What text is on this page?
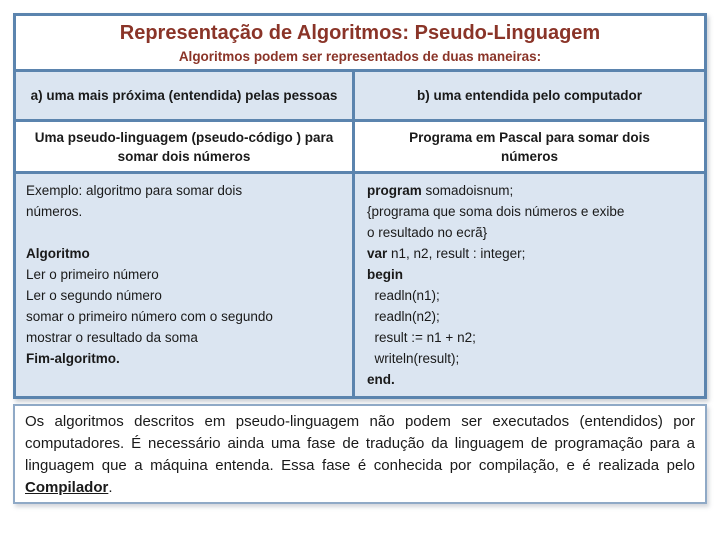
Representação de Algoritmos: Pseudo-Linguagem
Algoritmos podem ser representados de duas maneiras:
a) uma mais próxima (entendida) pelas pessoas	b) uma entendida pelo computador
Uma pseudo-linguagem (pseudo-código ) para somar dois números
Programa em Pascal para somar dois números
Exemplo: algoritmo para somar dois
números.
Algoritmo
Ler o primeiro número
Ler o segundo número
somar o primeiro número com o segundo
mostrar o resultado da soma
Fim-algoritmo.
program somadoisnum;
{programa que soma dois números e exibe
o resultado no ecrã}
var n1, n2, result : integer;
begin
readln(n1);
readln(n2);
result := n1 + n2;
writeln(result);
end.
Os algoritmos descritos em pseudo-linguagem não podem ser executados (entendidos) por computadores. É necessário ainda uma fase de tradução da linguagem de programação para a linguagem que a máquina entenda. Essa fase é conhecida por compilação, e é realizada pelo Compilador.
